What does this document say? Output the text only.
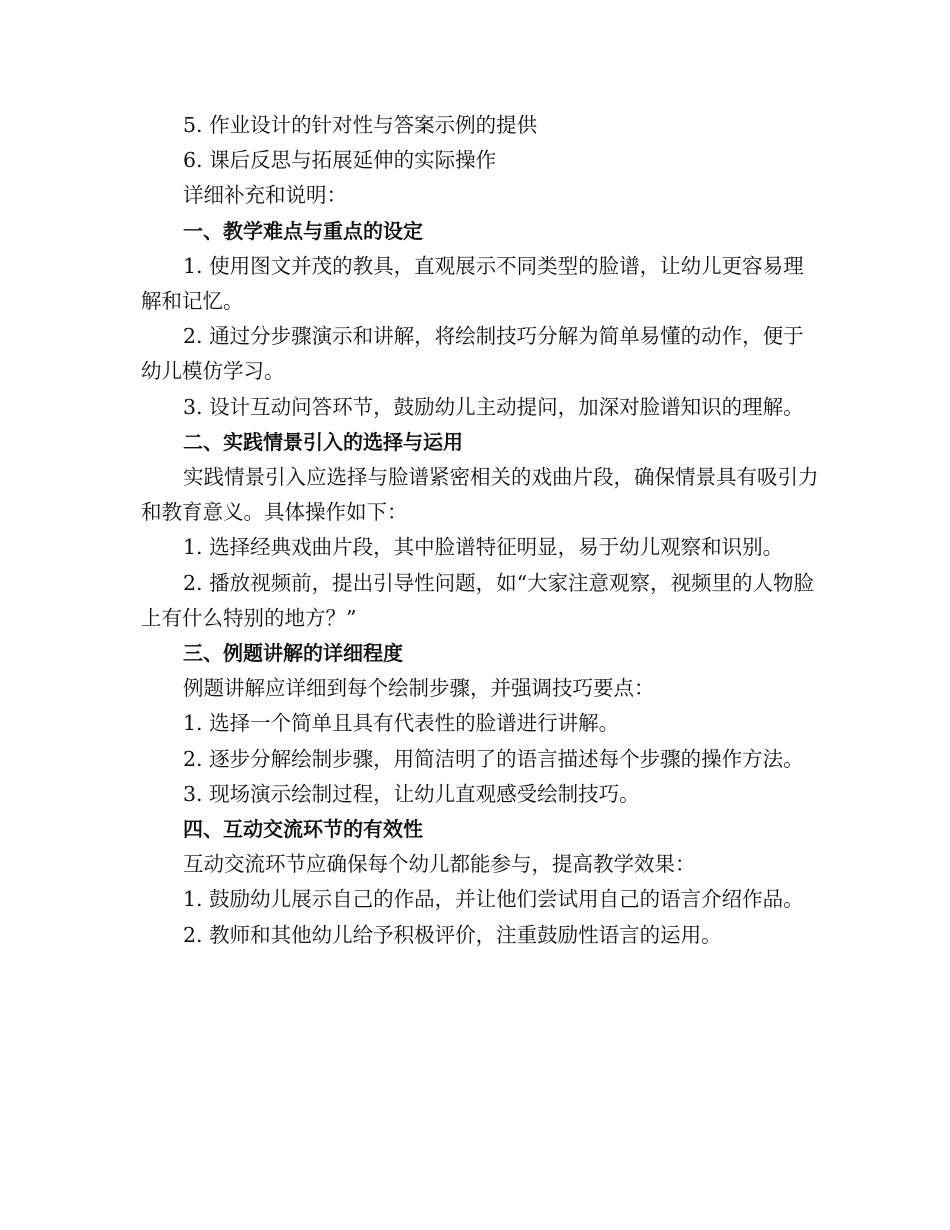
5. 作业设计的针对性与答案示例的提供

6. 课后反思与拓展延伸的实际操作

详细补充和说明：

一、教学难点与重点的设定

1. 使用图文并茂的教具，直观展示不同类型的脸谱，让幼儿更容易理解和记忆。

2. 通过分步骤演示和讲解，将绘制技巧分解为简单易懂的动作，便于幼儿模仿学习。

3. 设计互动问答环节，鼓励幼儿主动提问，加深对脸谱知识的理解。

二、实践情景引入的选择与运用

实践情景引入应选择与脸谱紧密相关的戏曲片段，确保情景具有吸引力和教育意义。具体操作如下：

1. 选择经典戏曲片段，其中脸谱特征明显，易于幼儿观察和识别。

2. 播放视频前，提出引导性问题，如“大家注意观察，视频里的人物脸上有什么特别的地方？”

三、例题讲解的详细程度

例题讲解应详细到每个绘制步骤，并强调技巧要点：

1. 选择一个简单且具有代表性的脸谱进行讲解。

2. 逐步分解绘制步骤，用简洁明了的语言描述每个步骤的操作方法。

3. 现场演示绘制过程，让幼儿直观感受绘制技巧。

四、互动交流环节的有效性

互动交流环节应确保每个幼儿都能参与，提高教学效果：

1. 鼓励幼儿展示自己的作品，并让他们尝试用自己的语言介绍作品。

2. 教师和其他幼儿给予积极评价，注重鼓励性语言的运用。
